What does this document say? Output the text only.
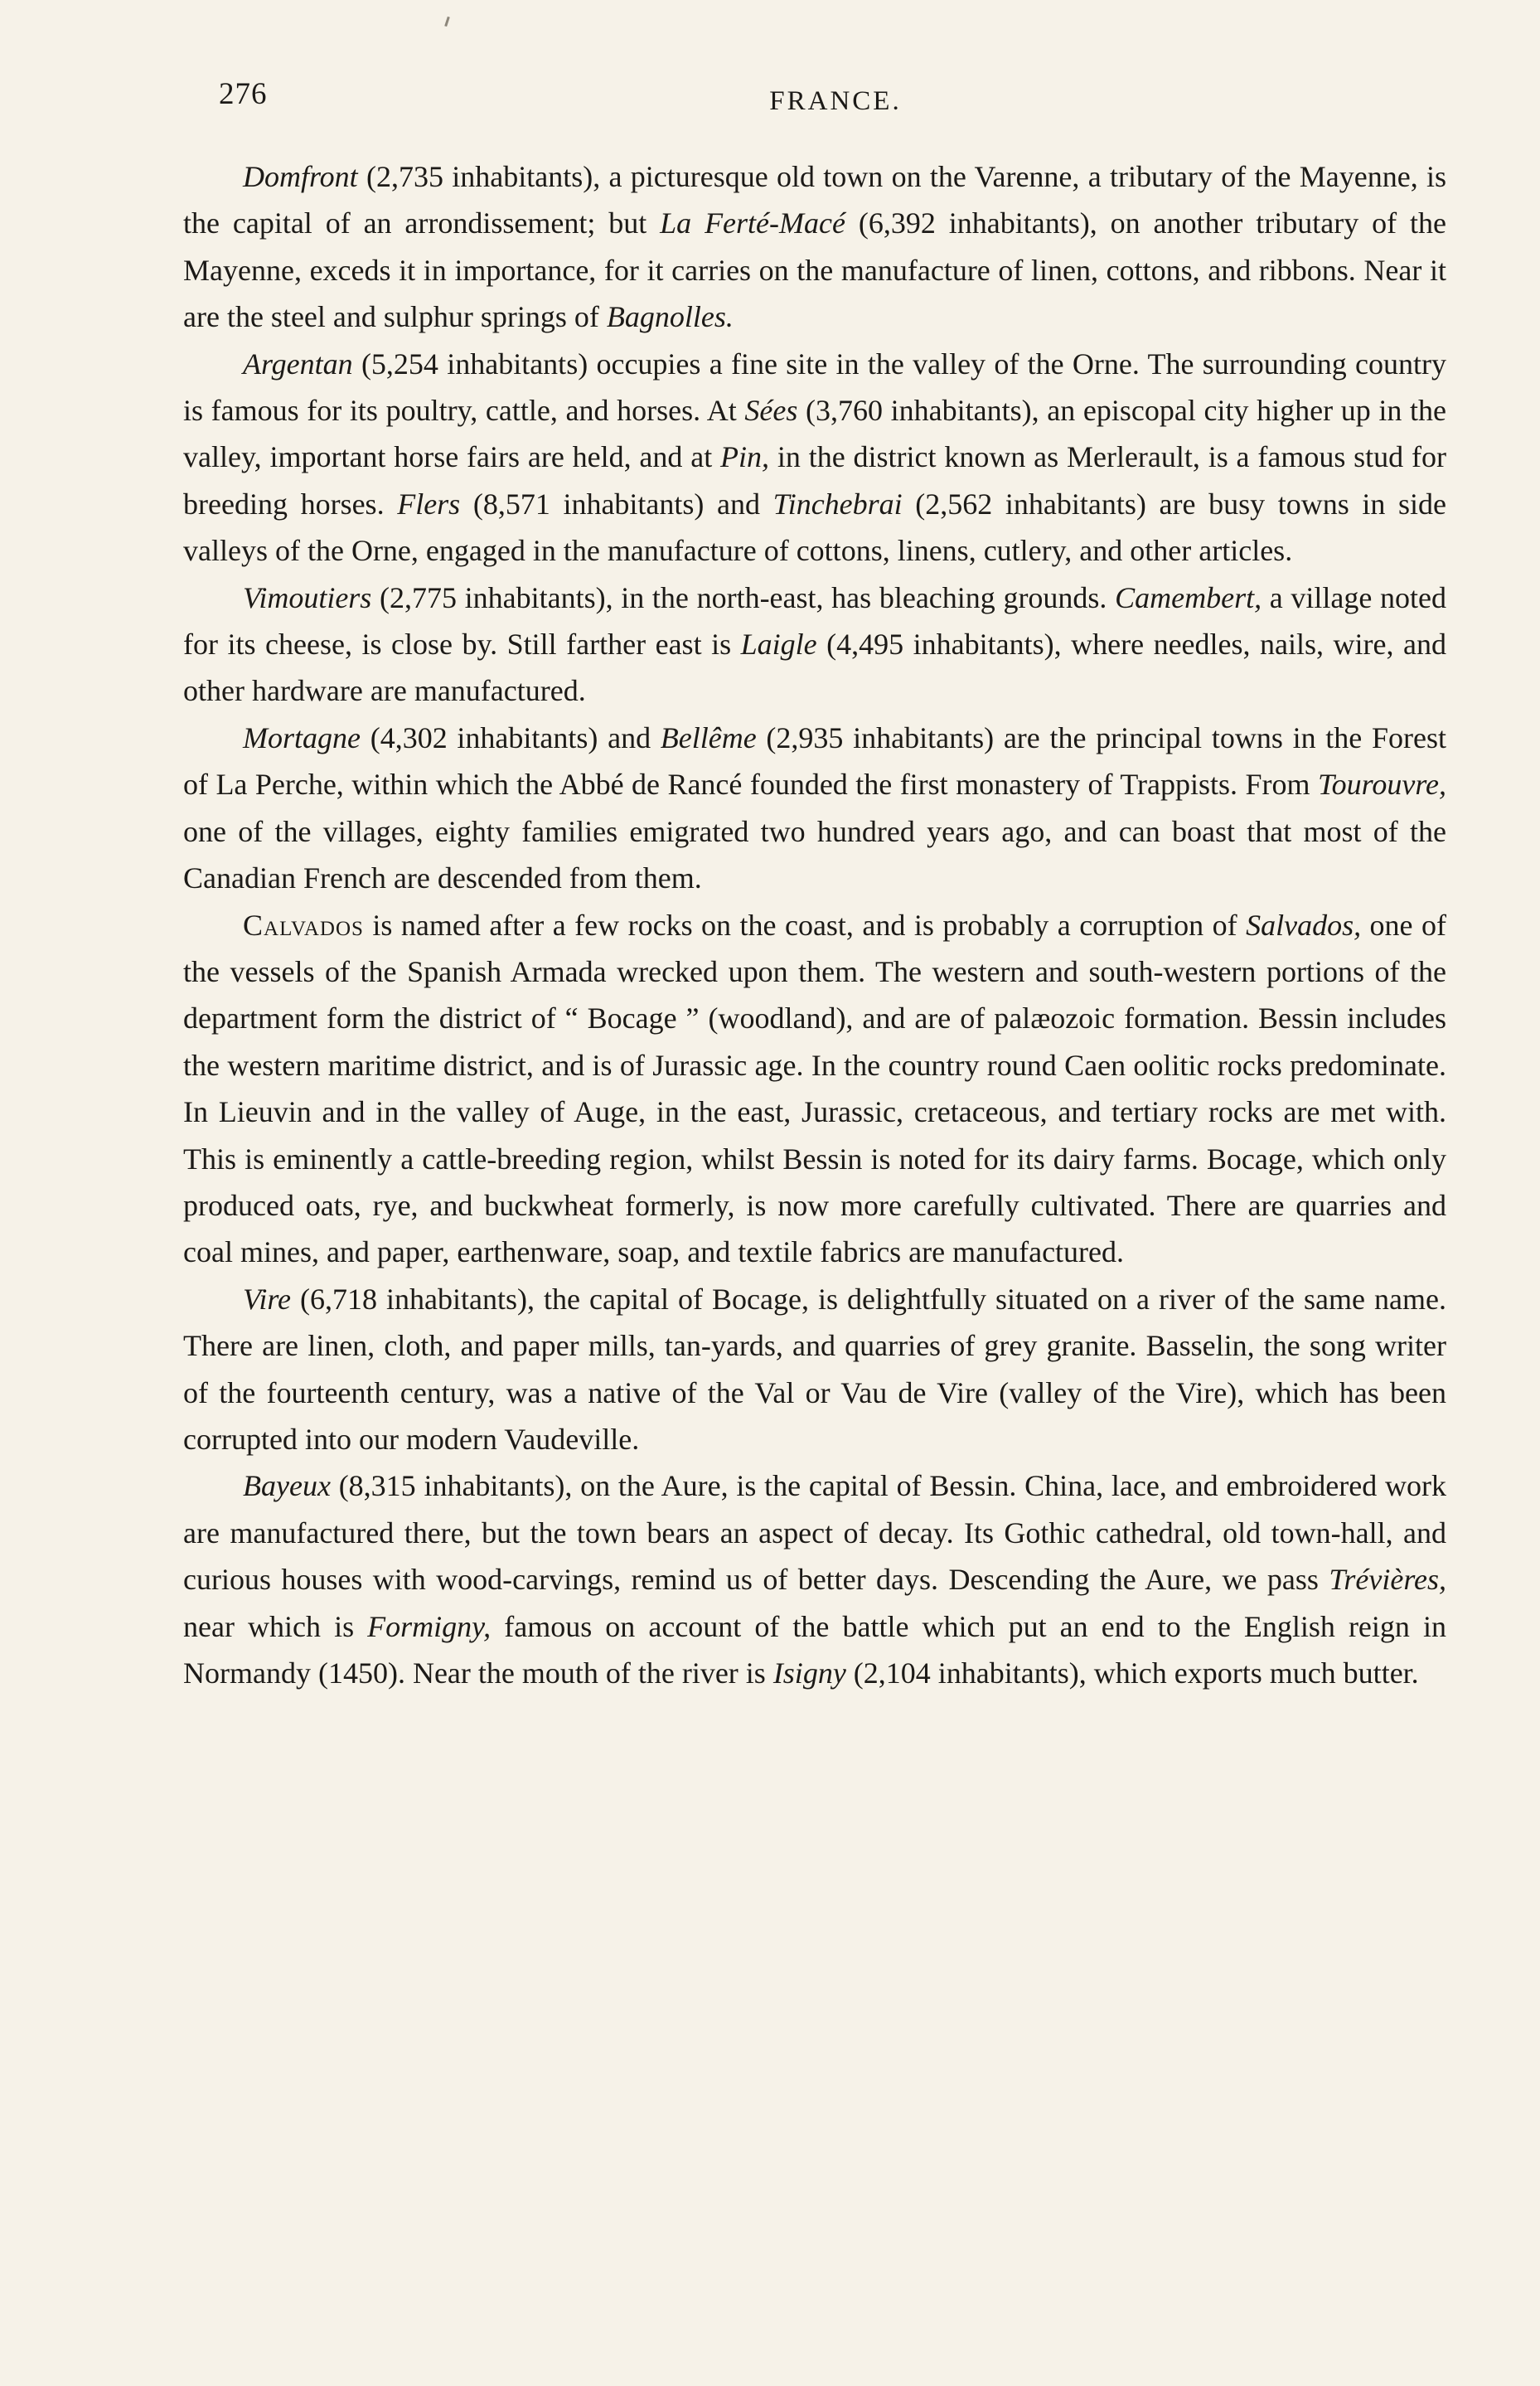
276	FRANCE.

Domfront (2,735 inhabitants), a picturesque old town on the Varenne, a tributary of the Mayenne, is the capital of an arrondissement; but La Ferté-Macé (6,392 inhabitants), on another tributary of the Mayenne, exceds it in importance, for it carries on the manufacture of linen, cottons, and ribbons. Near it are the steel and sulphur springs of Bagnolles.

Argentan (5,254 inhabitants) occupies a fine site in the valley of the Orne. The surrounding country is famous for its poultry, cattle, and horses. At Sées (3,760 inhabitants), an episcopal city higher up in the valley, important horse fairs are held, and at Pin, in the district known as Merlerault, is a famous stud for breeding horses. Flers (8,571 inhabitants) and Tinchebrai (2,562 inhabitants) are busy towns in side valleys of the Orne, engaged in the manufacture of cottons, linens, cutlery, and other articles.

Vimoutiers (2,775 inhabitants), in the north-east, has bleaching grounds. Camembert, a village noted for its cheese, is close by. Still farther east is Laigle (4,495 inhabitants), where needles, nails, wire, and other hardware are manufactured.

Mortagne (4,302 inhabitants) and Bellême (2,935 inhabitants) are the principal towns in the Forest of La Perche, within which the Abbé de Rancé founded the first monastery of Trappists. From Tourouvre, one of the villages, eighty families emigrated two hundred years ago, and can boast that most of the Canadian French are descended from them.

Calvados is named after a few rocks on the coast, and is probably a corruption of Salvados, one of the vessels of the Spanish Armada wrecked upon them. The western and south-western portions of the department form the district of “ Bocage ” (woodland), and are of palæozoic formation. Bessin includes the western maritime district, and is of Jurassic age. In the country round Caen oolitic rocks predominate. In Lieuvin and in the valley of Auge, in the east, Jurassic, cretaceous, and tertiary rocks are met with. This is eminently a cattle-breeding region, whilst Bessin is noted for its dairy farms. Bocage, which only produced oats, rye, and buckwheat formerly, is now more carefully cultivated. There are quarries and coal mines, and paper, earthenware, soap, and textile fabrics are manufactured.

Vire (6,718 inhabitants), the capital of Bocage, is delightfully situated on a river of the same name. There are linen, cloth, and paper mills, tan-yards, and quarries of grey granite. Basselin, the song writer of the fourteenth century, was a native of the Val or Vau de Vire (valley of the Vire), which has been corrupted into our modern Vaudeville.

Bayeux (8,315 inhabitants), on the Aure, is the capital of Bessin. China, lace, and embroidered work are manufactured there, but the town bears an aspect of decay. Its Gothic cathedral, old town-hall, and curious houses with wood-carvings, remind us of better days. Descending the Aure, we pass Trévières, near which is Formigny, famous on account of the battle which put an end to the English reign in Normandy (1450). Near the mouth of the river is Isigny (2,104 inhabitants), which exports much butter.
